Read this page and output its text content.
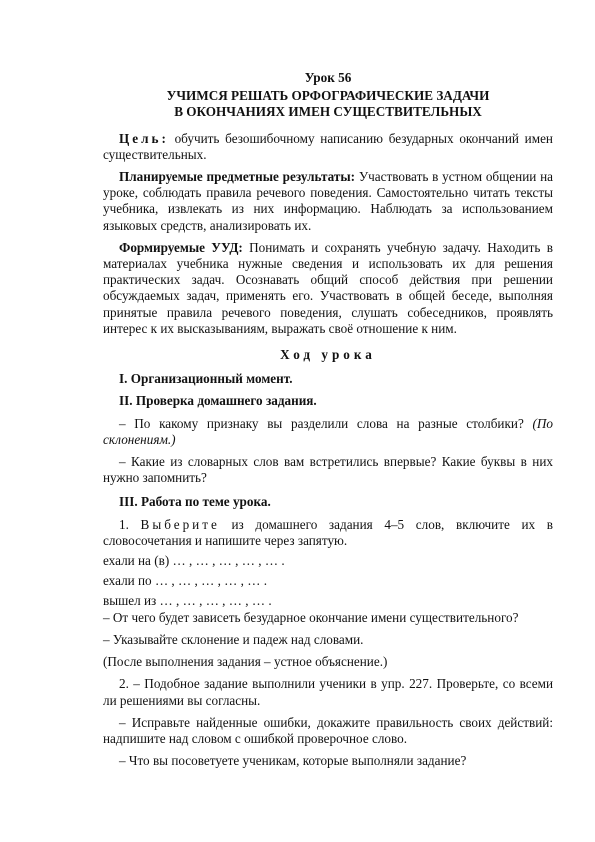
Урок 56

УЧИМСЯ РЕШАТЬ ОРФОГРАФИЧЕСКИЕ ЗАДАЧИ

В ОКОНЧАНИЯХ ИМЕН СУЩЕСТВИТЕЛЬНЫХ

Цель: обучить безошибочному написанию безударных окончаний имен существительных.

Планируемые предметные результаты: Участвовать в устном общении на уроке, соблюдать правила речевого поведения. Самостоятельно читать тексты учебника, извлекать из них информацию. Наблюдать за использованием языковых средств, анализировать их.

Формируемые УУД: Понимать и сохранять учебную задачу. Находить в материалах учебника нужные сведения и использовать их для решения практических задач. Осознавать общий способ действия при решении обсуждаемых задач, применять его. Участвовать в общей беседе, выполняя принятые правила речевого поведения, слушать собеседников, проявлять интерес к их высказываниям, выражать своё отношение к ним.

Ход урока

I. Организационный момент.

II. Проверка домашнего задания.

– По какому признаку вы разделили слова на разные столбики? (По склонениям.)

– Какие из словарных слов вам встретились впервые? Какие буквы в них нужно запомнить?

III. Работа по теме урока.

1. Выберите из домашнего задания 4–5 слов, включите их в словосочетания и напишите через запятую.

ехали на (в) … , … , … , … , … .

ехали по … , … , … , … , … .

вышел из … , … , … , … , … .

– От чего будет зависеть безударное окончание имени существительного?

– Указывайте склонение и падеж над словами.

(После выполнения задания – устное объяснение.)

2. – Подобное задание выполнили ученики в упр. 227. Проверьте, со всеми ли решениями вы согласны.

– Исправьте найденные ошибки, докажите правильность своих действий: надпишите над словом с ошибкой проверочное слово.

– Что вы посоветуете ученикам, которые выполняли задание?
